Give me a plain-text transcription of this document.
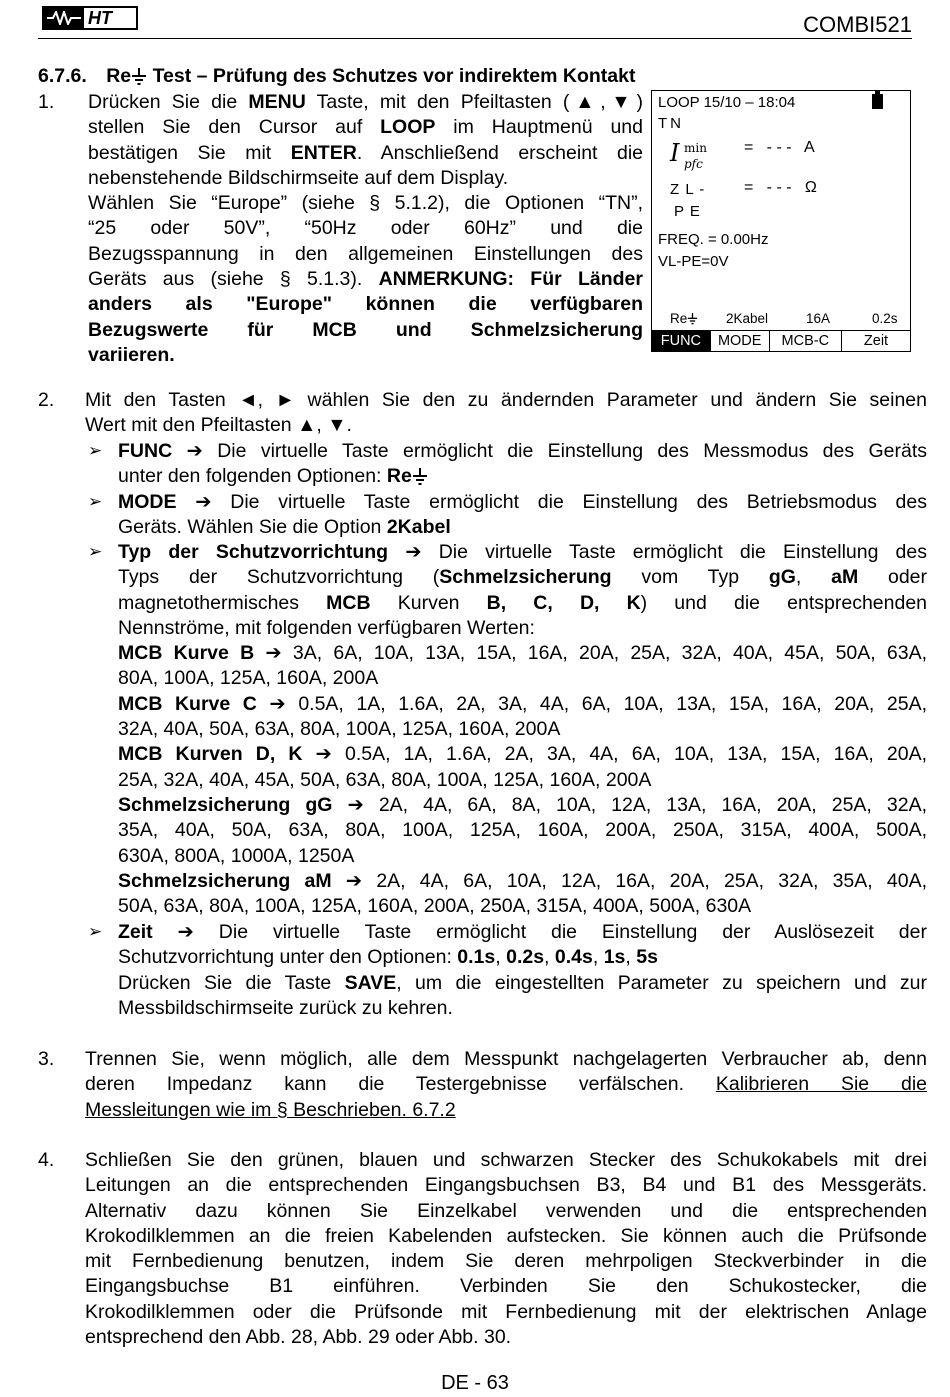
HT	COMBI521
6.7.6. Re Test – Prüfung des Schutzes vor indirektem Kontakt
1. Drücken Sie die MENU Taste, mit den Pfeiltasten (▲,▼)
stellen Sie den Cursor auf LOOP im Hauptmenü und
bestätigen Sie mit ENTER. Anschließend erscheint die
nebenstehende Bildschirmseite auf dem Display.
Wählen Sie “Europe” (siehe § 5.1.2), die Optionen “TN”,
“25 oder 50V”, “50Hz oder 60Hz” und die
Bezugsspannung in den allgemeinen Einstellungen des
Geräts aus (siehe § 5.1.3). ANMERKUNG: Für Länder
anders als "Europe" können die verfügbaren
Bezugswerte für MCB und Schmelzsicherung
variieren.
LOOP 15/10 – 18:04
TN
I min
pfc
=   - - -   A
Z L -
P E
=   - - -   Ω
FREQ. = 0.00Hz
VL-PE=0V
Re	2Kabel	16A	0.2s
FUNC	MODE	MCB-C	Zeit
2. Mit den Tasten ◄, ► wählen Sie den zu ändernden Parameter und ändern Sie seinen
Wert mit den Pfeiltasten ▲, ▼.
➢ FUNC ➔ Die virtuelle Taste ermöglicht die Einstellung des Messmodus des Geräts
unter den folgenden Optionen: Re
➢ MODE ➔ Die virtuelle Taste ermöglicht die Einstellung des Betriebsmodus des
Geräts. Wählen Sie die Option 2Kabel
➢ Typ der Schutzvorrichtung ➔ Die virtuelle Taste ermöglicht die Einstellung des
Typs der Schutzvorrichtung (Schmelzsicherung vom Typ gG, aM oder
magnetothermisches MCB Kurven B, C, D, K) und die entsprechenden
Nennströme, mit folgenden verfügbaren Werten:
MCB Kurve B ➔ 3A, 6A, 10A, 13A, 15A, 16A, 20A, 25A, 32A, 40A, 45A, 50A, 63A,
80A, 100A, 125A, 160A, 200A
MCB Kurve C ➔ 0.5A, 1A, 1.6A, 2A, 3A, 4A, 6A, 10A, 13A, 15A, 16A, 20A, 25A,
32A, 40A, 50A, 63A, 80A, 100A, 125A, 160A, 200A
MCB Kurven D, K ➔ 0.5A, 1A, 1.6A, 2A, 3A, 4A, 6A, 10A, 13A, 15A, 16A, 20A,
25A, 32A, 40A, 45A, 50A, 63A, 80A, 100A, 125A, 160A, 200A
Schmelzsicherung gG ➔ 2A, 4A, 6A, 8A, 10A, 12A, 13A, 16A, 20A, 25A, 32A,
35A, 40A, 50A, 63A, 80A, 100A, 125A, 160A, 200A, 250A, 315A, 400A, 500A,
630A, 800A, 1000A, 1250A
Schmelzsicherung aM ➔ 2A, 4A, 6A, 10A, 12A, 16A, 20A, 25A, 32A, 35A, 40A,
50A, 63A, 80A, 100A, 125A, 160A, 200A, 250A, 315A, 400A, 500A, 630A
➢ Zeit ➔ Die virtuelle Taste ermöglicht die Einstellung der Auslösezeit der
Schutzvorrichtung unter den Optionen: 0.1s, 0.2s, 0.4s, 1s, 5s
Drücken Sie die Taste SAVE, um die eingestellten Parameter zu speichern und zur
Messbildschirmseite zurück zu kehren.
3. Trennen Sie, wenn möglich, alle dem Messpunkt nachgelagerten Verbraucher ab, denn
deren Impedanz kann die Testergebnisse verfälschen. Kalibrieren Sie die
Messleitungen wie im § Beschrieben. 6.7.2
4. Schließen Sie den grünen, blauen und schwarzen Stecker des Schukokabels mit drei
Leitungen an die entsprechenden Eingangsbuchsen B3, B4 und B1 des Messgeräts.
Alternativ dazu können Sie Einzelkabel verwenden und die entsprechenden
Krokodilklemmen an die freien Kabelenden aufstecken. Sie können auch die Prüfsonde
mit Fernbedienung benutzen, indem Sie deren mehrpoligen Steckverbinder in die
Eingangsbuchse B1 einführen. Verbinden Sie den Schukostecker, die
Krokodilklemmen oder die Prüfsonde mit Fernbedienung mit der elektrischen Anlage
entsprechend den Abb. 28, Abb. 29 oder Abb. 30.
DE - 63
